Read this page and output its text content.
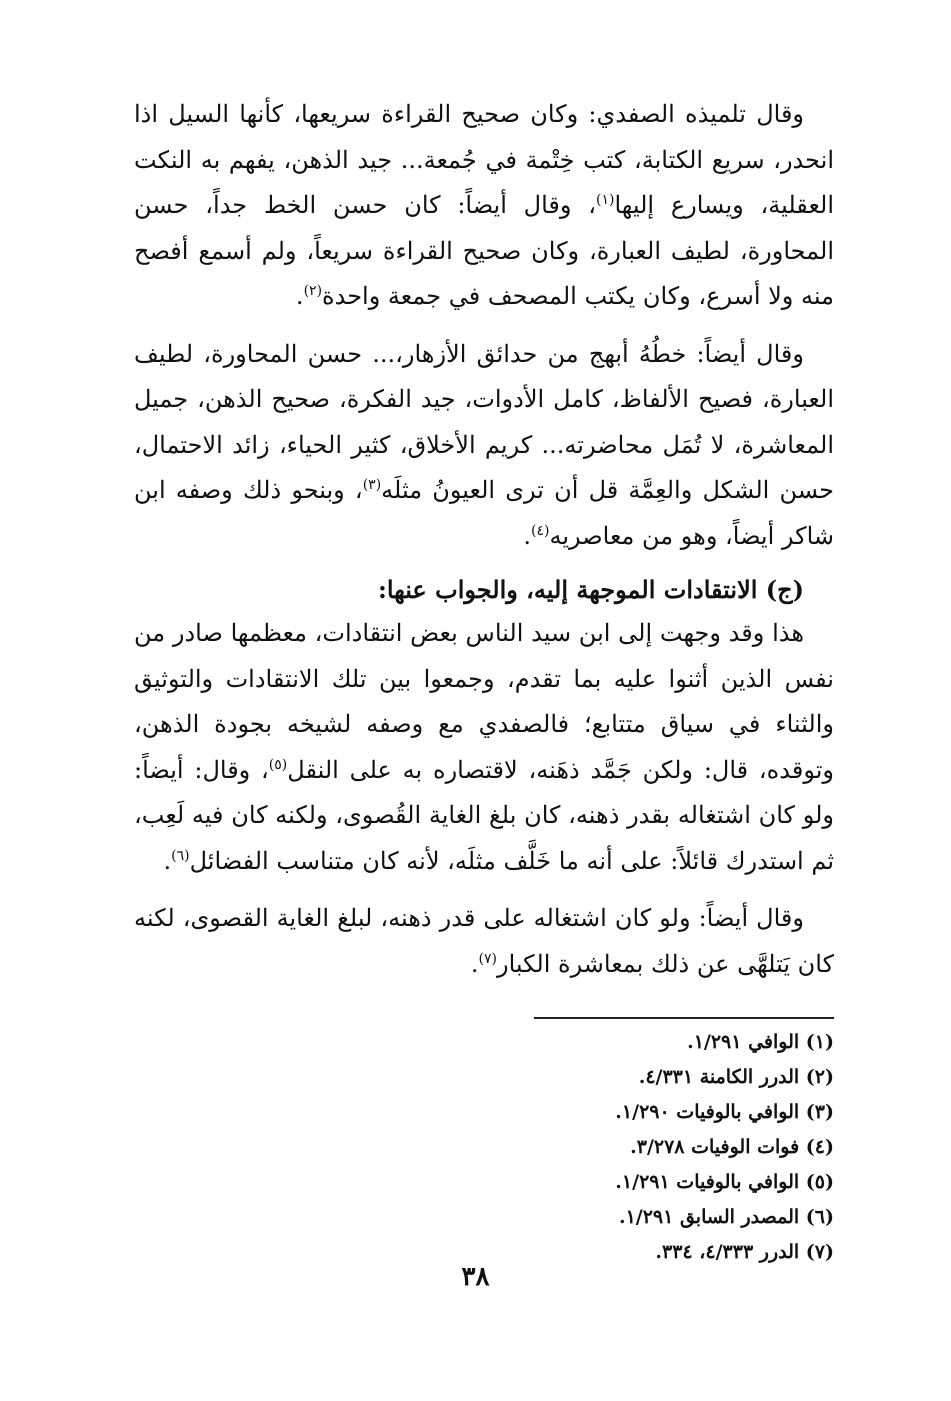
وقال تلميذه الصفدي: وكان صحيح القراءة سريعها، كأنها السيل اذا انحدر، سريع الكتابة، كتب خِتْمة في جُمعة... جيد الذهن، يفهم به النكت العقلية، ويسارع إليها$^{(١)}$، وقال أيضاً: كان حسن الخط جداً، حسن المحاورة، لطيف العبارة، وكان صحيح القراءة سريعاً، ولم أسمع أفصح منه ولا أسرع، وكان يكتب المصحف في جمعة واحدة$^{(٢)}$.

وقال أيضاً: خطُهُ أبهج من حدائق الأزهار،... حسن المحاورة، لطيف العبارة، فصيح الألفاظ، كامل الأدوات، جيد الفكرة، صحيح الذهن، جميل المعاشرة، لا تُمَل محاضرته... كريم الأخلاق، كثير الحياء، زائد الاحتمال، حسن الشكل والعِمَّة قل أن ترى العيونُ مثلَه$^{(٣)}$، وبنحو ذلك وصفه ابن شاكر أيضاً، وهو من معاصريه$^{(٤)}$.

(ج) الانتقادات الموجهة إليه، والجواب عنها:

هذا وقد وجهت إلى ابن سيد الناس بعض انتقادات، معظمها صادر من نفس الذين أثنوا عليه بما تقدم، وجمعوا بين تلك الانتقادات والتوثيق والثناء في سياق متتابع؛ فالصفدي مع وصفه لشيخه بجودة الذهن، وتوقده، قال: ولكن جَمَّد ذهَنه، لاقتصاره به على النقل$^{(٥)}$، وقال: أيضاً: ولو كان اشتغاله بقدر ذهنه، كان بلغ الغاية القُصوى، ولكنه كان فيه لَعِب، ثم استدرك قائلاً: على أنه ما خَلَّف مثلَه، لأنه كان متناسب الفضائل$^{(٦)}$.

وقال أيضاً: ولو كان اشتغاله على قدر ذهنه، لبلغ الغاية القصوى، لكنه كان يَتلهَّى عن ذلك بمعاشرة الكبار$^{(٧)}$.

(١) الوافي ١/٢٩١.
(٢) الدرر الكامنة ٤/٣٣١.
(٣) الوافي بالوفيات ١/٢٩٠.
(٤) فوات الوفيات ٣/٢٧٨.
(٥) الوافي بالوفيات ١/٢٩١.
(٦) المصدر السابق ١/٢٩١.
(٧) الدرر ٤/٣٣٣، ٣٣٤.
٣٨
